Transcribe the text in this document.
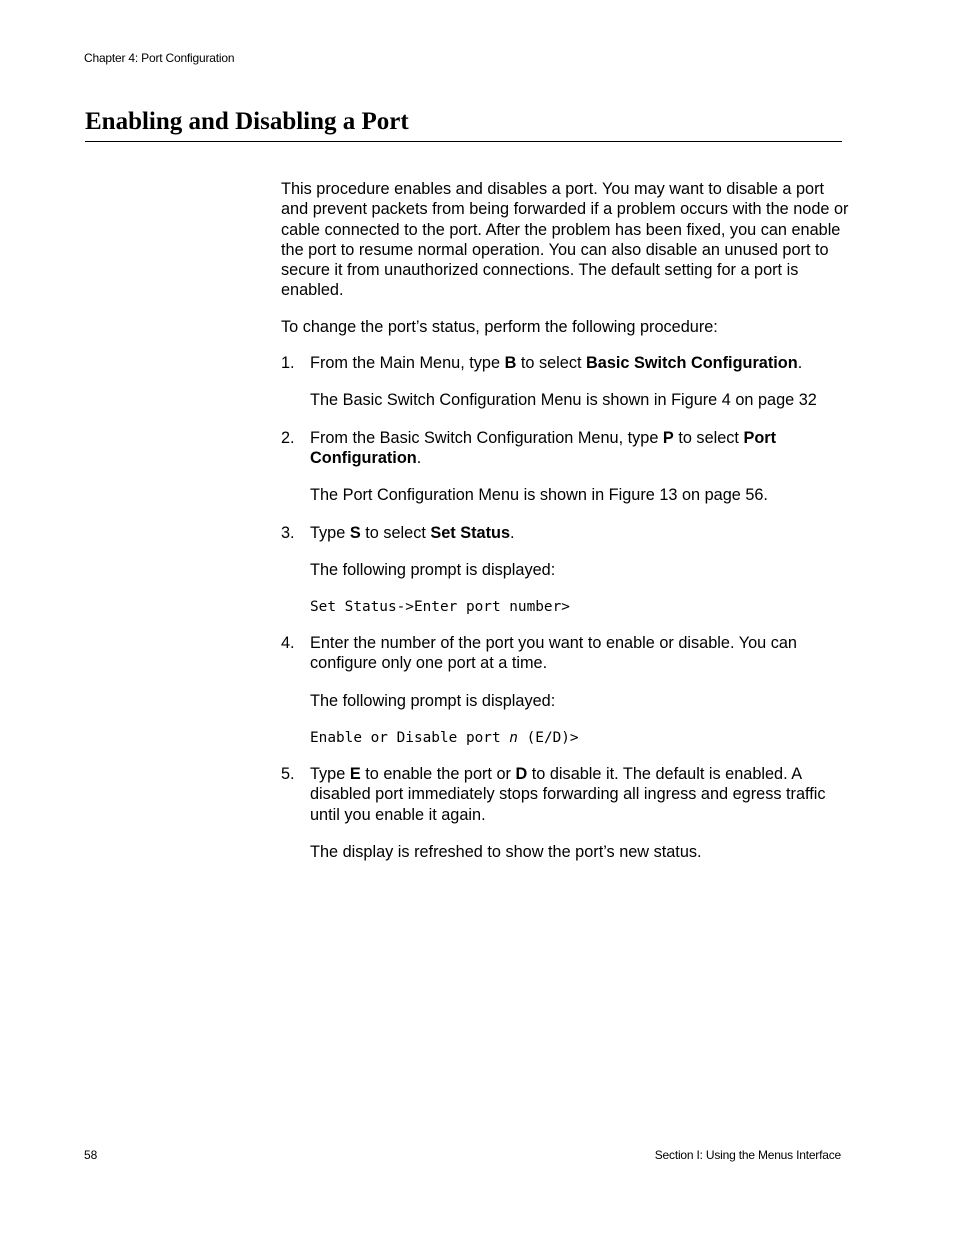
Chapter 4: Port Configuration
Enabling and Disabling a Port

This procedure enables and disables a port. You may want to disable a port and prevent packets from being forwarded if a problem occurs with the node or cable connected to the port. After the problem has been fixed, you can enable the port to resume normal operation. You can also disable an unused port to secure it from unauthorized connections. The default setting for a port is enabled.

To change the port’s status, perform the following procedure:

1. From the Main Menu, type B to select Basic Switch Configuration.

The Basic Switch Configuration Menu is shown in Figure 4 on page 32

2. From the Basic Switch Configuration Menu, type P to select Port Configuration.

The Port Configuration Menu is shown in Figure 13 on page 56.

3. Type S to select Set Status.

The following prompt is displayed:

Set Status->Enter port number>
4. Enter the number of the port you want to enable or disable. You can configure only one port at a time.

The following prompt is displayed:

Enable or Disable port n (E/D)>
5. Type E to enable the port or D to disable it. The default is enabled. A disabled port immediately stops forwarding all ingress and egress traffic until you enable it again.

The display is refreshed to show the port’s new status.

58	Section I: Using the Menus Interface
